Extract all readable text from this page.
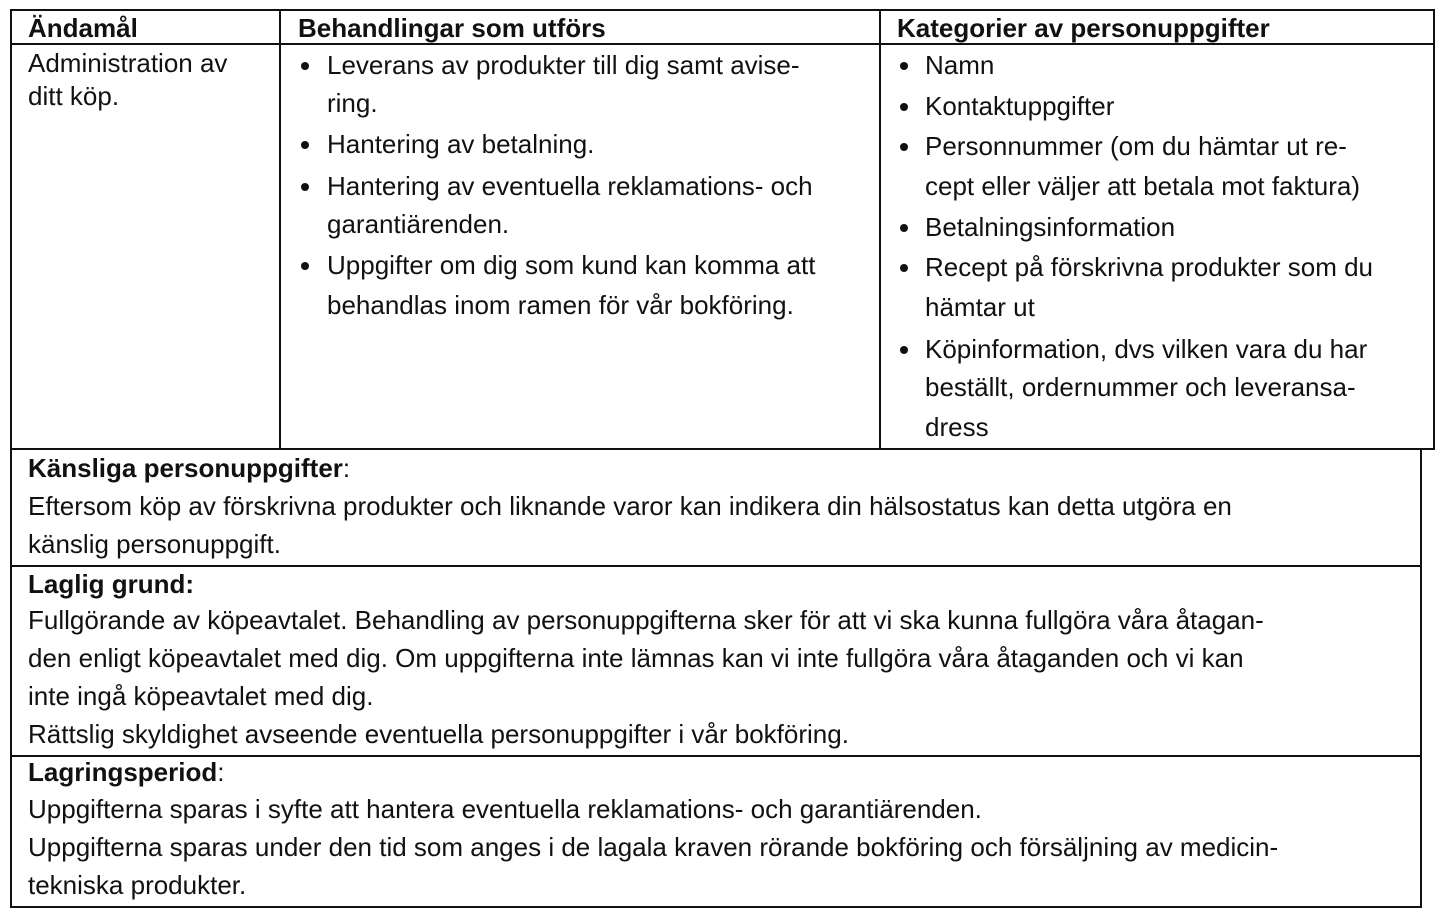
Ändamål	Behandlingar som utförs	Kategorier av personuppgifter
Administration av
ditt köp.
Leverans av produkter till dig samt avise-
ring.
Hantering av betalning.
Hantering av eventuella reklamations- och
garantiärenden.
Uppgifter om dig som kund kan komma att
behandlas inom ramen för vår bokföring.
Namn
Kontaktuppgifter
Personnummer (om du hämtar ut re-
cept eller väljer att betala mot faktura)
Betalningsinformation
Recept på förskrivna produkter som du
hämtar ut
Köpinformation, dvs vilken vara du har
beställt, ordernummer och leveransa-
dress
Känsliga personuppgifter:
Eftersom köp av förskrivna produkter och liknande varor kan indikera din hälsostatus kan detta utgöra en
känslig personuppgift.
Laglig grund:
Fullgörande av köpeavtalet. Behandling av personuppgifterna sker för att vi ska kunna fullgöra våra åtagan-
den enligt köpeavtalet med dig. Om uppgifterna inte lämnas kan vi inte fullgöra våra åtaganden och vi kan
inte ingå köpeavtalet med dig.
Rättslig skyldighet avseende eventuella personuppgifter i vår bokföring.
Lagringsperiod:
Uppgifterna sparas i syfte att hantera eventuella reklamations- och garantiärenden.
Uppgifterna sparas under den tid som anges i de lagala kraven rörande bokföring och försäljning av medicin-
tekniska produkter.
